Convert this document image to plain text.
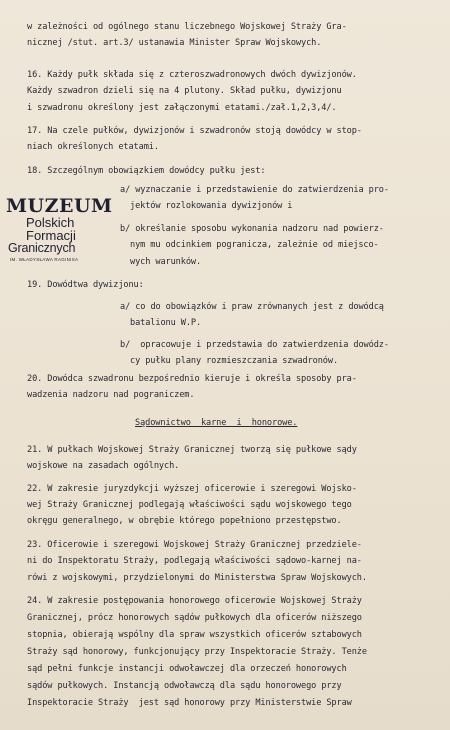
w zależności od ogólnego stanu liczebnego Wojskowej Straży Gra-
nicznej /stut. art.3/ ustanawia Minister Spraw Wojskowych.
16. Każdy pułk składa się z czteroszwadronowych dwóch dywizjonów.
Każdy szwadron dzieli się na 4 plutony. Skład pułku, dywizjonu
i szwadronu określony jest załączonymi etatami./zał.1,2,3,4/.
17. Na czele pułków, dywizjonów i szwadronów stoją dowódcy w stop-
niach określonych etatami.
18. Szczególnym obowiązkiem dowódcy pułku jest:
a/ wyznaczanie i przedstawienie do zatwierdzenia pro-
jektów rozlokowania dywizjonów i
b/ określanie sposobu wykonania nadzoru nad powierz-
nym mu odcinkiem pogranicza, zależnie od miejsco-
wych warunków.
19. Dowódtwa dywizjonu:
a/ co do obowiązków i praw zrównanych jest z dowódcą
batalionu W.P.
b/  opracowuje i przedstawia do zatwierdzenia dowódz-
cy pułku plany rozmieszczania szwadronów.
20. Dowódca szwadronu bezpośrednio kieruje i określa sposoby pra-
wadzenia nadzoru nad pograniczem.
Sądownictwo  karne  i  honorowe.
21. W pułkach Wojskowej Straży Granicznej tworzą się pułkowe sądy
wojskowe na zasadach ogólnych.
22. W zakresie juryzdykcji wyższej oficerowie i szeregowi Wojsko-
wej Straży Granicznej podlegają właściwości sądu wojskowego tego
okręgu generalnego, w obrębie którego popełniono przestępstwo.
23. Oficerowie i szeregowi Wojskowej Straży Granicznej przedziele-
ni do Inspektoratu Straży, podlegają właściwości sądowo-karnej na-
rówi z wojskowymi, przydzielonymi do Ministerstwa Spraw Wojskowych.
24. W zakresie postępowania honorowego oficerowie Wojskowej Straży
Granicznej, prócz honorowych sądów pułkowych dla oficerów niższego
stopnia, obierają wspólny dla spraw wszystkich oficerów sztabowych
Straży sąd honorowy, funkcjonujący przy Inspektoracie Straży. Tenże
sąd pełni funkcje instancji odwoławczej dla orzeczeń honorowych
sądów pułkowych. Instancją odwoławczą dla sądu honorowego przy
Inspektoracie Straży  jest sąd honorowy przy Ministerstwie Spraw
MUZEUM
Polskich
Formacji
Granicznych
IM. WŁADYSŁAWA RAGINISA
